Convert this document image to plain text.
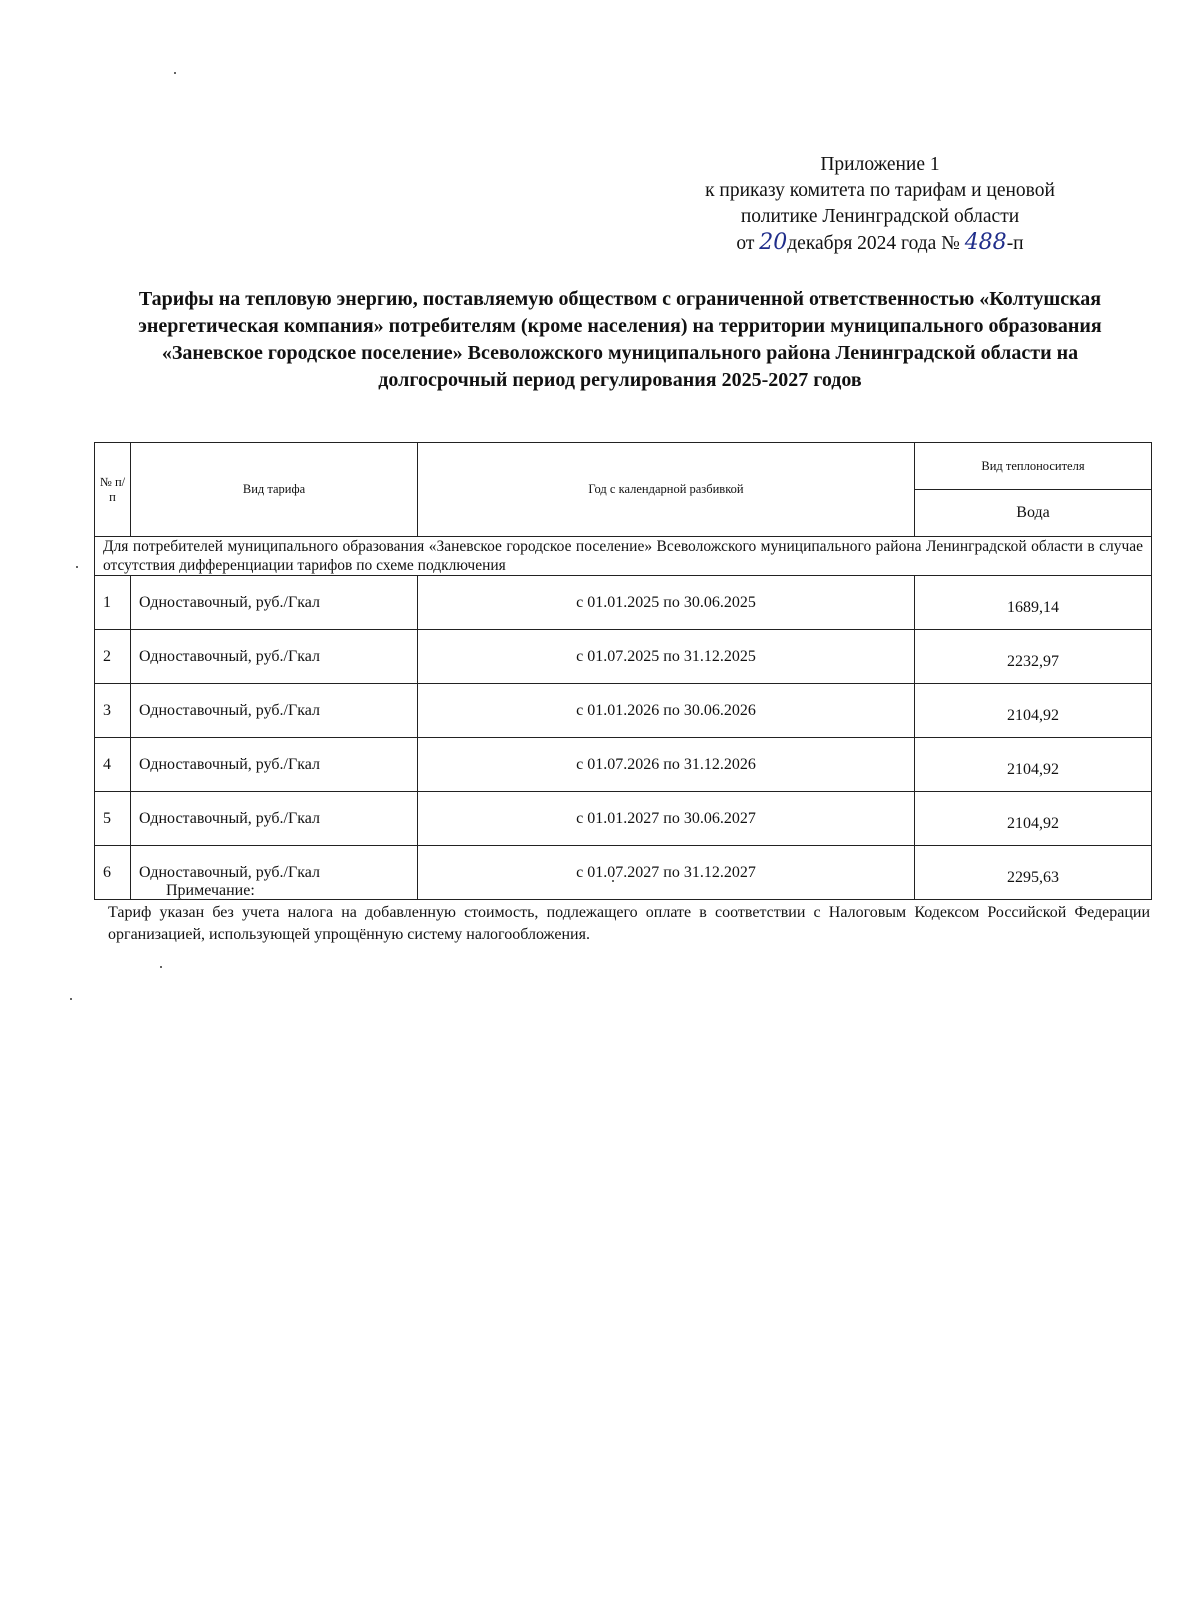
Приложение 1
к приказу комитета по тарифам и ценовой
политике Ленинградской области
от 20декабря 2024 года № 488-п
Тарифы на тепловую энергию, поставляемую обществом с ограниченной ответственностью «Колтушская энергетическая компания» потребителям (кроме населения) на территории муниципального образования «Заневское городское поселение» Всеволожского муниципального района Ленинградской области на долгосрочный период регулирования 2025-2027 годов
№ п/п	Вид тарифа	Год с календарной разбивкой	Вид теплоносителя
			Вода
Для потребителей муниципального образования «Заневское городское поселение» Всеволожского муниципального района Ленинградской области в случае отсутствия дифференциации тарифов по схеме подключения			
1	Одноставочный, руб./Гкал	с 01.01.2025 по 30.06.2025	1689,14
2	Одноставочный, руб./Гкал	с 01.07.2025 по 31.12.2025	2232,97
3	Одноставочный, руб./Гкал	с 01.01.2026 по 30.06.2026	2104,92
4	Одноставочный, руб./Гкал	с 01.07.2026 по 31.12.2026	2104,92
5	Одноставочный, руб./Гкал	с 01.01.2027 по 30.06.2027	2104,92
6	Одноставочный, руб./Гкал	с 01.07.2027 по 31.12.2027	2295,63
Примечание:
Тариф указан без учета налога на добавленную стоимость, подлежащего оплате в соответствии с Налоговым Кодексом Российской Федерации организацией, использующей упрощённую систему налогообложения.
